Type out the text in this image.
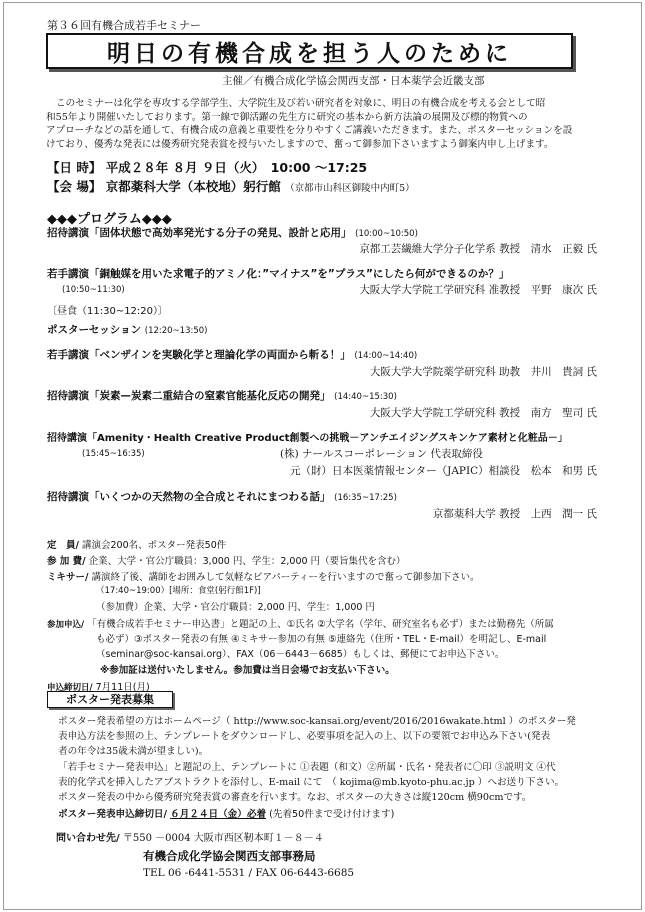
第３６回有機合成若手セミナー
明日の有機合成を担う人のために
主催／有機合成化学協会関西支部・日本薬学会近畿支部
このセミナーは化学を専攻する学部学生、大学院生及び若い研究者を対象に、明日の有機合成を考える会として昭
和55年より開催いたしております。第一線で御活躍の先生方に研究の基本から新方法論の展開及び標的物質への
アプローチなどの話を通して、有機合成の意義と重要性を分りやすくご講義いただきます。また、ポスターセッションを設
けており、優秀な発表には優秀研究発表賞を授与いたしますので、奮って御参加下さいますよう御案内申し上げます。
【日 時】 平成２８年 ８月 ９日（火）　10:00 ～17:25
【会 場】 京都薬科大学（本校地）躬行館 （京都市山科区御陵中内町5）
◆◆◆プログラム◆◆◆
招待講演「固体状態で高効率発光する分子の発見、設計と応用」 (10:00~10:50)
京都工芸繊維大学分子化学系 教授　清水　正毅 氏
若手講演「銅触媒を用いた求電子的アミノ化：”マイナス”を”プラス”にしたら何ができるのか？」
(10:50~11:30)	大阪大学大学院工学研究科 准教授　平野　康次 氏
〔昼食（11:30~12:20）〕
ポスターセッション (12:20~13:50)
若手講演「ベンザインを実験化学と理論化学の両面から斬る！」 (14:00~14:40)
大阪大学大学院薬学研究科 助教　井川　貴詞 氏
招待講演「炭素—炭素二重結合の窒素官能基化反応の開発」 (14:40~15:30)
大阪大学大学院工学研究科 教授　南方　聖司 氏
招待講演「Amenity・Health Creative Product創製への挑戦－アンチエイジングスキンケア素材と化粧品－」
(15:45~16:35)	(株) ナールスコーポレーション 代表取締役
元（財）日本医薬情報センター（JAPIC）相談役　松本　和男 氏
招待講演「いくつかの天然物の全合成とそれにまつわる話」 (16:35~17:25)
京都薬科大学 教授　上西　潤一 氏
定　員/ 講演会200名、ポスター発表50件
参 加 費/ 企業、大学・官公庁職員：3,000 円、学生：2,000 円（要旨集代を含む）
ミキサー/ 講演終了後、講師をお囲みして気軽なビアパーティーを行いますので奮って御参加下さい。
（17:40~19:00）[場所：食堂(躬行館1F)]
（参加費）企業、大学・官公庁職員：2,000 円、学生：1,000 円
参加申込/ 「有機合成若手セミナー申込書」と題記の上、①氏名 ②大学名（学年、研究室名も必ず）または勤務先（所属
も必ず）③ポスター発表の有無 ④ミキサー参加の有無 ⑤連絡先（住所・TEL・E-mail）を明記し、E-mail
（seminar@soc-kansai.org）、FAX（06－6443－6685）もしくは、郵便にてお申込下さい。
※参加証は送付いたしません。参加費は当日会場でお支払い下さい。
申込締切日/ 7月11日(月)
ポスター発表募集
ポスター発表希望の方はホームページ（ http://www.soc-kansai.org/event/2016/2016wakate.html ）のポスター発
表申込方法を参照の上、テンプレートをダウンロードし、必要事項を記入の上、以下の要領でお申込み下さい(発表
者の年令は35歳未満が望ましい)。
「若手セミナー発表申込」と題記の上、テンプレートに ①表題（和文）②所属・氏名・発表者に〇印 ③説明文 ④代
表的化学式を挿入したアブストラクトを添付し、E-mail にて　（ kojima@mb.kyoto-phu.ac.jp ）へお送り下さい。
ポスター発表の中から優秀研究発表賞の審査を行います。なお、ポスターの大きさは縦120cm 横90cmです。
ポスター発表申込締切日/ ６月２４日（金）必着 (先着50件まで受け付けます)
問い合わせ先/ 〒550 －0004 大阪市西区靭本町１－８－４
有機合成化学協会関西支部事務局
TEL 06 -6441-5531 / FAX 06-6443-6685
